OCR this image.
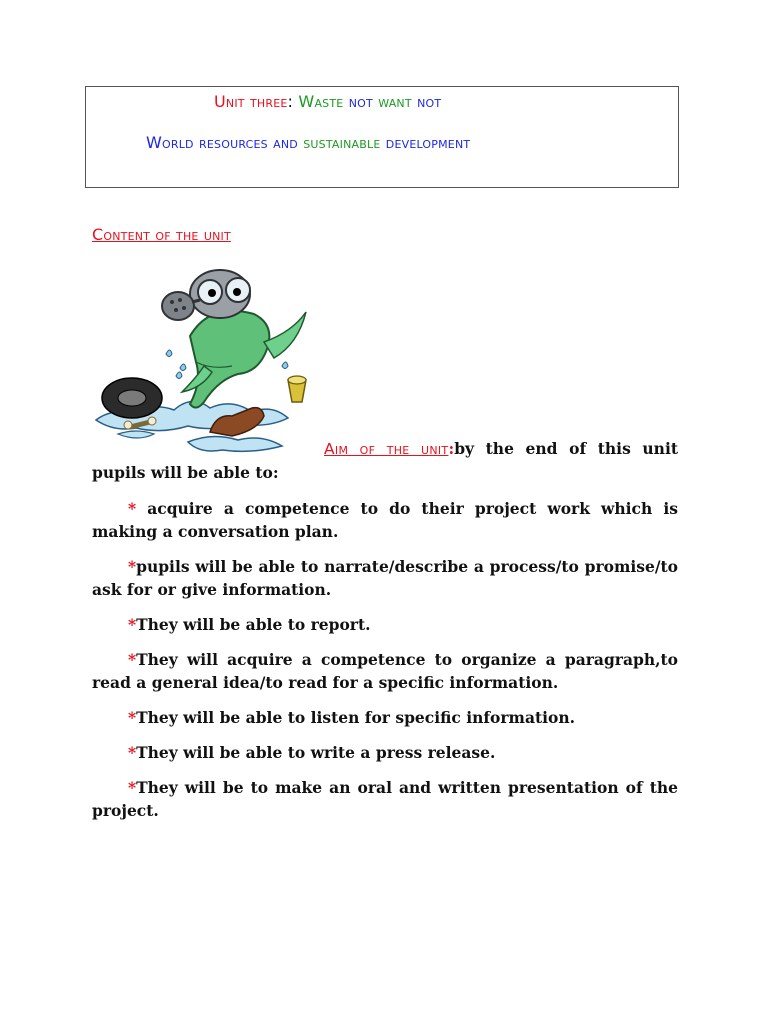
Unit three: Waste not want not
World resources and sustainable development
Content of the unit
Aim of the unit:by the end of this unit

pupils will be able to:

* acquire a competence to do their project work which is making a conversation plan.
*pupils will be able to narrate/describe a process/to promise/to ask for or give information.
*They will be able to report.
*They will acquire a competence to organize a paragraph,to read a general idea/to read for a specific information.
*They will be able to listen for specific information.
*They will be able to write a press release.
*They will be to make an oral and written presentation of the project.
